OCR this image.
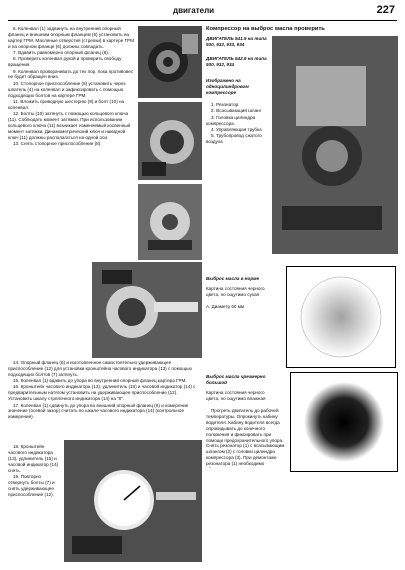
двигатели	227

6. Коленвал (1) задвинуть на внутренний опорный фланец и внешним опорным фланцем (6) установить на картер ГРМ. Масляные отверстия (стрелки) в картере ГРМ и на опорном фланце (6) должны совпадать.

7. Вдавить равномерно опорный фланец (6).

8. Проверить коленвал рукой и проверить свободу вращения.

9. Коленвал проворачивать до тех пор, пока противовес не будет обращен вниз.

10. Стопорное приспособление (8) установить через шпатель (4) на коленвал и зафиксировать с помощью подходящих болтов на картере ГРМ.

11. Вложить приводную шестерню (9) и болт (10) на коленвал.

12. Болты (10) затянуть с помощью кольцевого ключа (11). Соблюдать момент затяжки. При использовании кольцевого ключа (11) возникает изменяемый косвенный момент затяжки. Динамометрический ключ и накидной ключ (11) должны располагаться на одной оси.

13. Снять стопорное приспособление (8).

14. Опорный фланец (6) и изготовленное самостоятельно удерживающее приспособление (12) для установки кронштейна часового индикатора (13) с помощью подходящих болтов (7) затянуть.

15. Коленвал (1) вдавить до упора во внутренний опорный фланец картера ГРМ.

16. Кронштейн часового индикатора (13), удлинитель (15) и часовой индикатор (14) с предварительным натягом установить на удерживающее приспособление (12). Установить шкалу стрелочного индикатора (14) на "0".

17. Коленвал (1) сдвинуть до упора во внешний опорный фланец (6) и измерение значение (осевой зазор) считать по шкале часового индикатора (14) (контрольное измерение).

18. Кронштейн часового индикатора (13), удлинитель (15) и часовой индикатор (14) снять.

19. Повторно отвернуть болты (7) и снять удерживающее приспособление (12).

Компрессор на выброс масла проверить
ДВИГАТЕЛЬ 541.9 на типа 930, 932, 933, 934
ДВИГАТЕЛЬ 542.9 на типа 930, 932, 934
Изображено на одноцилиндровом компрессоре

1. Резонатор

2. Всасывающий шланг

3. Головка цилиндра компрессора.

4. Управляющая трубка

5. Трубопровод сжатого воздуха

Выброс масла в норме
Картина состояния черного цвета, но ощутимо сухая
A. Диаметр 60 мм
Выброс масла чрезмерно большой
Картина состояния черного цвета, но ощутимо влажная

Прогреть двигатель до рабочей температуры. Опрокинуть кабину водителя. Кабину водителя всегда опрокидывать до конечного положения и фиксировать при помощи предохранительного упора. Снять резонатор (1) с всасывающим шлангом (2) с головки цилиндра компрессора (3). При демонтаже резонатора (1) необходимо
